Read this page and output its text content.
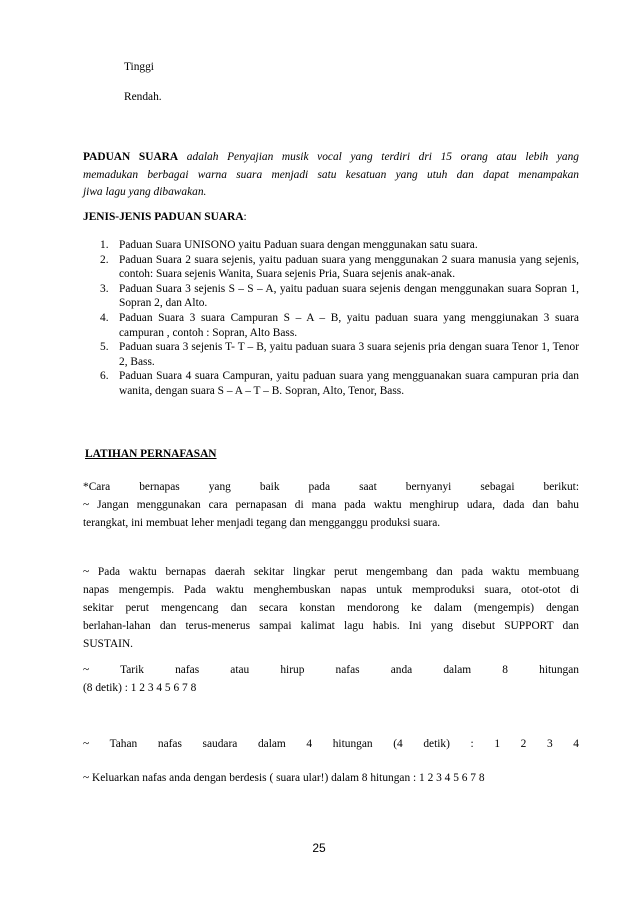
Tinggi
Rendah.
PADUAN SUARA adalah Penyajian musik vocal yang terdiri dri 15 orang atau lebih yang
memadukan berbagai warna suara menjadi satu kesatuan yang utuh dan dapat menampakan
jiwa lagu yang dibawakan.
JENIS-JENIS PADUAN SUARA:
1. Paduan Suara UNISONO yaitu Paduan suara dengan menggunakan satu suara.
2. Paduan Suara 2 suara sejenis, yaitu paduan suara yang menggunakan 2 suara manusia yang sejenis, contoh: Suara sejenis Wanita, Suara sejenis Pria, Suara sejenis anak-anak.
3. Paduan Suara 3 sejenis S – S – A, yaitu paduan suara sejenis dengan menggunakan suara Sopran 1, Sopran 2, dan Alto.
4. Paduan Suara 3 suara Campuran S – A – B, yaitu paduan suara yang menggiunakan 3 suara campuran , contoh : Sopran, Alto Bass.
5. Paduan suara 3 sejenis T- T – B, yaitu paduan suara 3 suara sejenis pria dengan suara Tenor 1, Tenor 2, Bass.
6. Paduan Suara 4 suara Campuran, yaitu paduan suara yang mengguanakan suara campuran pria dan wanita, dengan suara S – A – T – B. Sopran, Alto, Tenor, Bass.
LATIHAN PERNAFASAN
*Cara bernapas yang baik pada saat bernyanyi sebagai berikut:
~ Jangan menggunakan cara pernapasan di mana pada waktu menghirup udara, dada dan bahu
terangkat, ini membuat leher menjadi tegang dan mengganggu produksi suara.
~ Pada waktu bernapas daerah sekitar lingkar perut mengembang dan pada waktu membuang
napas mengempis. Pada waktu menghembuskan napas untuk memproduksi suara, otot-otot di
sekitar perut mengencang dan secara konstan mendorong ke dalam (mengempis) dengan
berlahan-lahan dan terus-menerus sampai kalimat lagu habis. Ini yang disebut SUPPORT dan
SUSTAIN.
~ Tarik nafas atau hirup nafas anda dalam 8 hitungan
(8 detik) : 1 2 3 4 5 6 7 8
~ Tahan nafas saudara dalam 4 hitungan (4 detik) : 1 2 3 4
~ Keluarkan nafas anda dengan berdesis ( suara ular!) dalam 8 hitungan : 1 2 3 4 5 6 7 8
25
